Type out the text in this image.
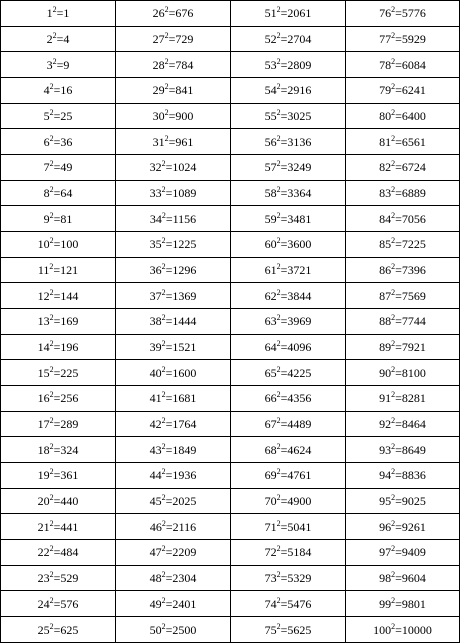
$1^2=1$	$26^2=676$	$51^2=2061$	$76^2=5776$
$2^2=4$	$27^2=729$	$52^2=2704$	$77^2=5929$
$3^2=9$	$28^2=784$	$53^2=2809$	$78^2=6084$
$4^2=16$	$29^2=841$	$54^2=2916$	$79^2=6241$
$5^2=25$	$30^2=900$	$55^2=3025$	$80^2=6400$
$6^2=36$	$31^2=961$	$56^2=3136$	$81^2=6561$
$7^2=49$	$32^2=1024$	$57^2=3249$	$82^2=6724$
$8^2=64$	$33^2=1089$	$58^2=3364$	$83^2=6889$
$9^2=81$	$34^2=1156$	$59^2=3481$	$84^2=7056$
$10^2=100$	$35^2=1225$	$60^2=3600$	$85^2=7225$
$11^2=121$	$36^2=1296$	$61^2=3721$	$86^2=7396$
$12^2=144$	$37^2=1369$	$62^2=3844$	$87^2=7569$
$13^2=169$	$38^2=1444$	$63^2=3969$	$88^2=7744$
$14^2=196$	$39^2=1521$	$64^2=4096$	$89^2=7921$
$15^2=225$	$40^2=1600$	$65^2=4225$	$90^2=8100$
$16^2=256$	$41^2=1681$	$66^2=4356$	$91^2=8281$
$17^2=289$	$42^2=1764$	$67^2=4489$	$92^2=8464$
$18^2=324$	$43^2=1849$	$68^2=4624$	$93^2=8649$
$19^2=361$	$44^2=1936$	$69^2=4761$	$94^2=8836$
$20^2=440$	$45^2=2025$	$70^2=4900$	$95^2=9025$
$21^2=441$	$46^2=2116$	$71^2=5041$	$96^2=9261$
$22^2=484$	$47^2=2209$	$72^2=5184$	$97^2=9409$
$23^2=529$	$48^2=2304$	$73^2=5329$	$98^2=9604$
$24^2=576$	$49^2=2401$	$74^2=5476$	$99^2=9801$
$25^2=625$	$50^2=2500$	$75^2=5625$	$100^2=10000$
